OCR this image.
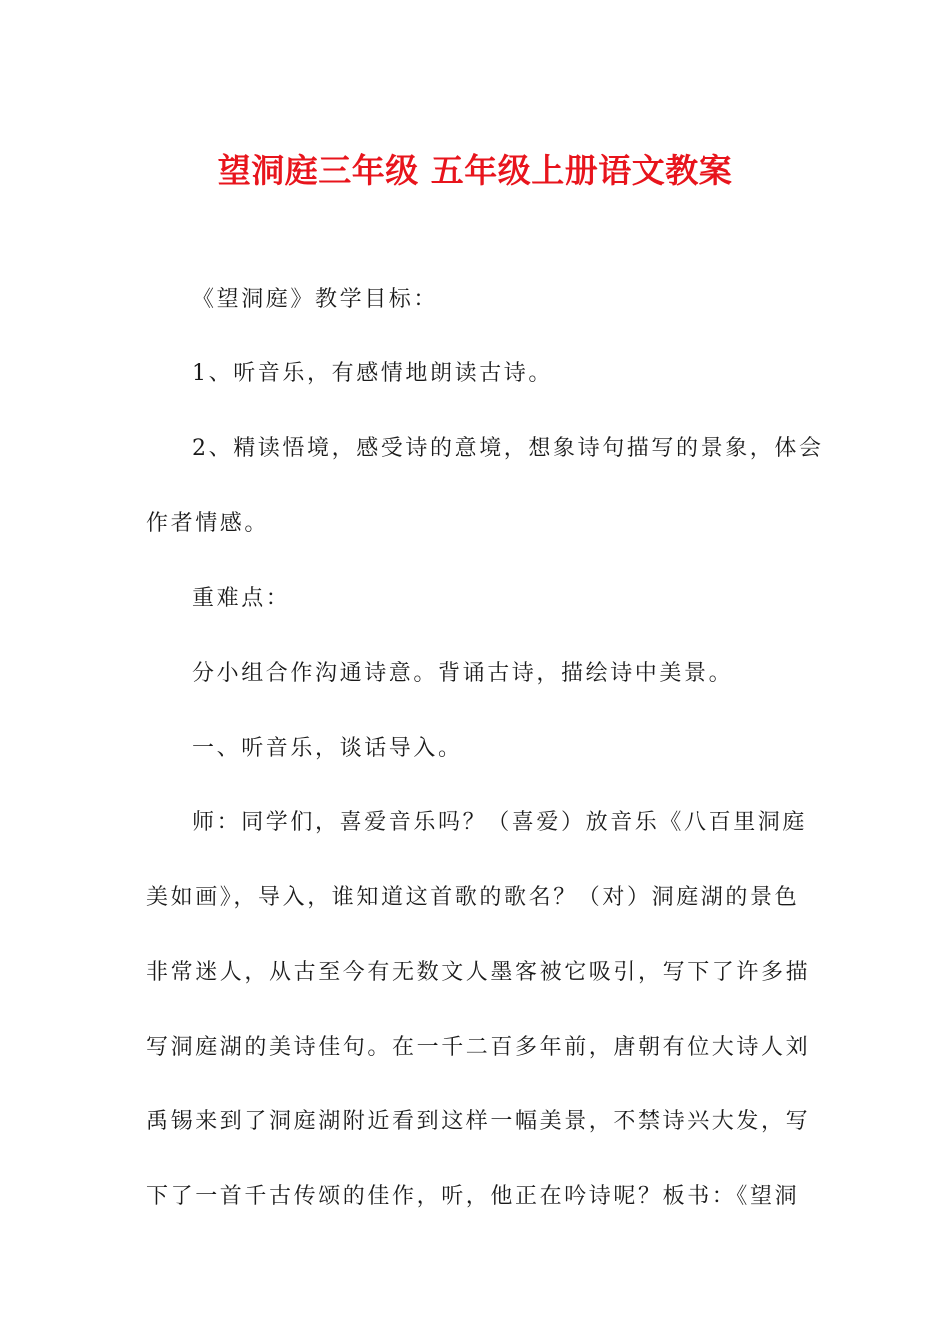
望洞庭三年级 五年级上册语文教案
《望洞庭》教学目标：
1、听音乐，有感情地朗读古诗。
2、精读悟境，感受诗的意境，想象诗句描写的景象，体会
作者情感。
重难点：
分小组合作沟通诗意。背诵古诗，描绘诗中美景。
一、听音乐，谈话导入。
师：同学们，喜爱音乐吗？（喜爱）放音乐《八百里洞庭
美如画》，导入，谁知道这首歌的歌名？（对）洞庭湖的景色
非常迷人，从古至今有无数文人墨客被它吸引，写下了许多描
写洞庭湖的美诗佳句。在一千二百多年前，唐朝有位大诗人刘
禹锡来到了洞庭湖附近看到这样一幅美景，不禁诗兴大发，写
下了一首千古传颂的佳作，听，他正在吟诗呢？板书：《望洞
